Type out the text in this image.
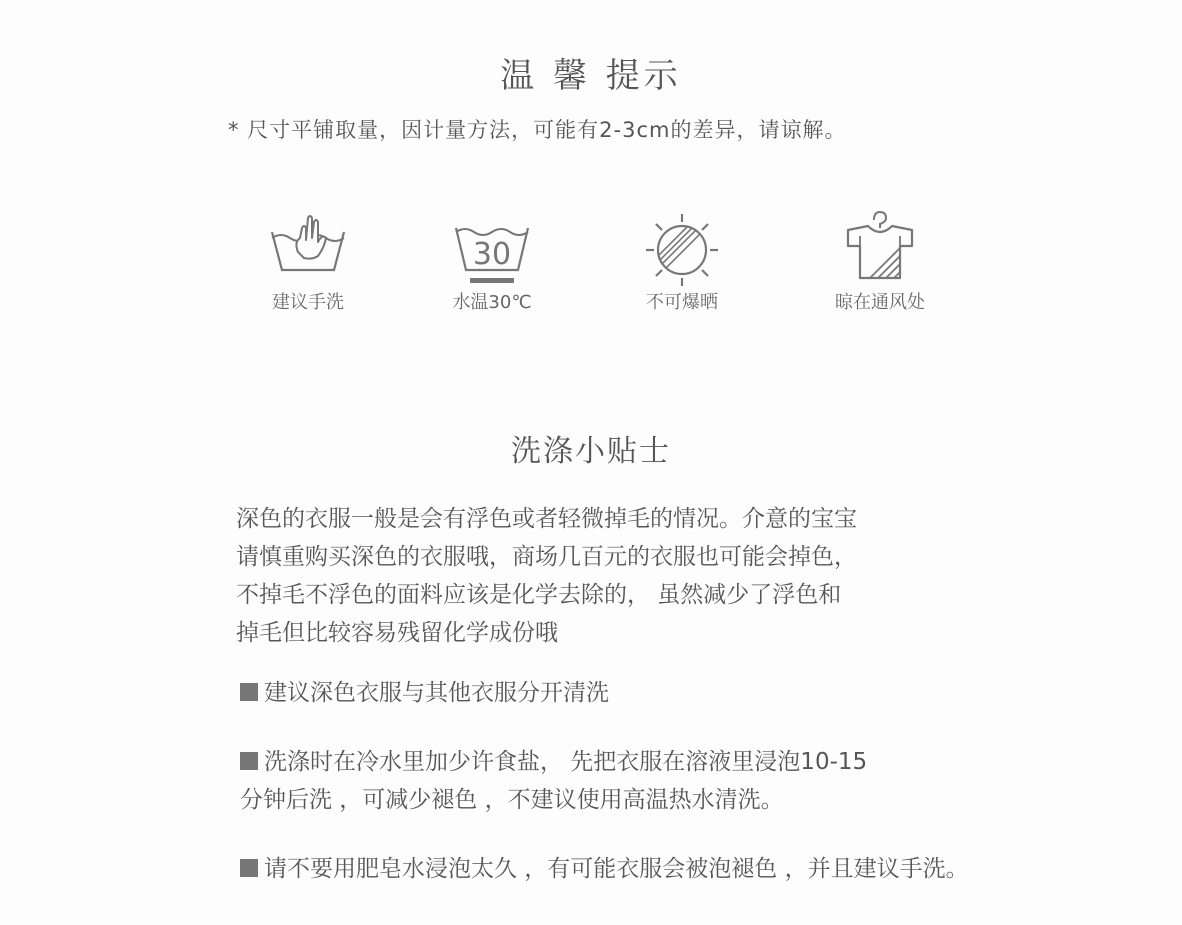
温 馨 提示
* 尺寸平铺取量，因计量方法，可能有2-3cm的差异，请谅解。
建议手洗
30
水温30℃	不可爆晒	晾在通风处
洗涤小贴士
深色的衣服一般是会有浮色或者轻微掉毛的情况。介意的宝宝
请慎重购买深色的衣服哦，商场几百元的衣服也可能会掉色，
不掉毛不浮色的面料应该是化学去除的， 虽然减少了浮色和
掉毛但比较容易残留化学成份哦
建议深色衣服与其他衣服分开清洗
洗涤时在冷水里加少许食盐， 先把衣服在溶液里浸泡10-15
分钟后洗 ，可减少褪色 ，不建议使用高温热水清洗。
请不要用肥皂水浸泡太久 ，有可能衣服会被泡褪色 ，并且建议手洗。
